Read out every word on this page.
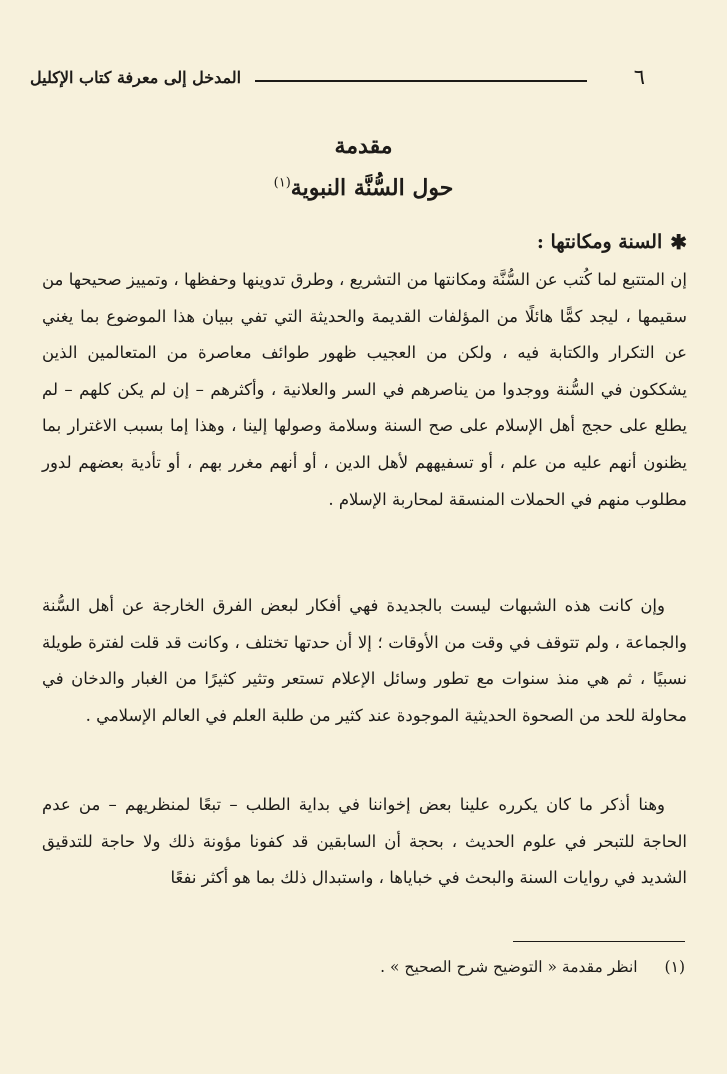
٦
المدخل إلى معرفة كتاب الإكليل
مقدمة
حول السُّنَّة النبوية$^{(١)}$
✱
السنة ومكانتها :

إن المتتبع لما كُتب عن السُّنَّة ومكانتها من التشريع ، وطرق تدوينها وحفظها ، وتمييز صحيحها من سقيمها ، ليجد كمًّا هائلًا من المؤلفات القديمة والحديثة التي تفي ببيان هذا الموضوع بما يغني عن التكرار والكتابة فيه ، ولكن من العجيب ظهور طوائف معاصرة من المتعالمين الذين يشككون في السُّنة ووجدوا من يناصرهم في السر والعلانية ، وأكثرهم – إن لم يكن كلهم – لم يطلع على حجج أهل الإسلام على صح السنة وسلامة وصولها إلينا ، وهذا إما بسبب الاغترار بما يظنون أنهم عليه من علم ، أو تسفيههم لأهل الدين ، أو أنهم مغرر بهم ، أو تأدية بعضهم لدور مطلوب منهم في الحملات المنسقة لمحاربة الإسلام .

وإن كانت هذه الشبهات ليست بالجديدة فهي أفكار لبعض الفرق الخارجة عن أهل السُّنة والجماعة ، ولم تتوقف في وقت من الأوقات ؛ إلا أن حدتها تختلف ، وكانت قد قلت لفترة طويلة نسبيًا ، ثم هي منذ سنوات مع تطور وسائل الإعلام تستعر وتثير كثيرًا من الغبار والدخان في محاولة للحد من الصحوة الحديثية الموجودة عند كثير من طلبة العلم في العالم الإسلامي .

وهنا أذكر ما كان يكرره علينا بعض إخواننا في بداية الطلب – تبعًا لمنظريهم – من عدم الحاجة للتبحر في علوم الحديث ، بحجة أن السابقين قد كفونا مؤونة ذلك ولا حاجة للتدقيق الشديد في روايات السنة والبحث في خباياها ، واستبدال ذلك بما هو أكثر نفعًا

(١) انظر مقدمة « التوضيح شرح الصحيح » .
